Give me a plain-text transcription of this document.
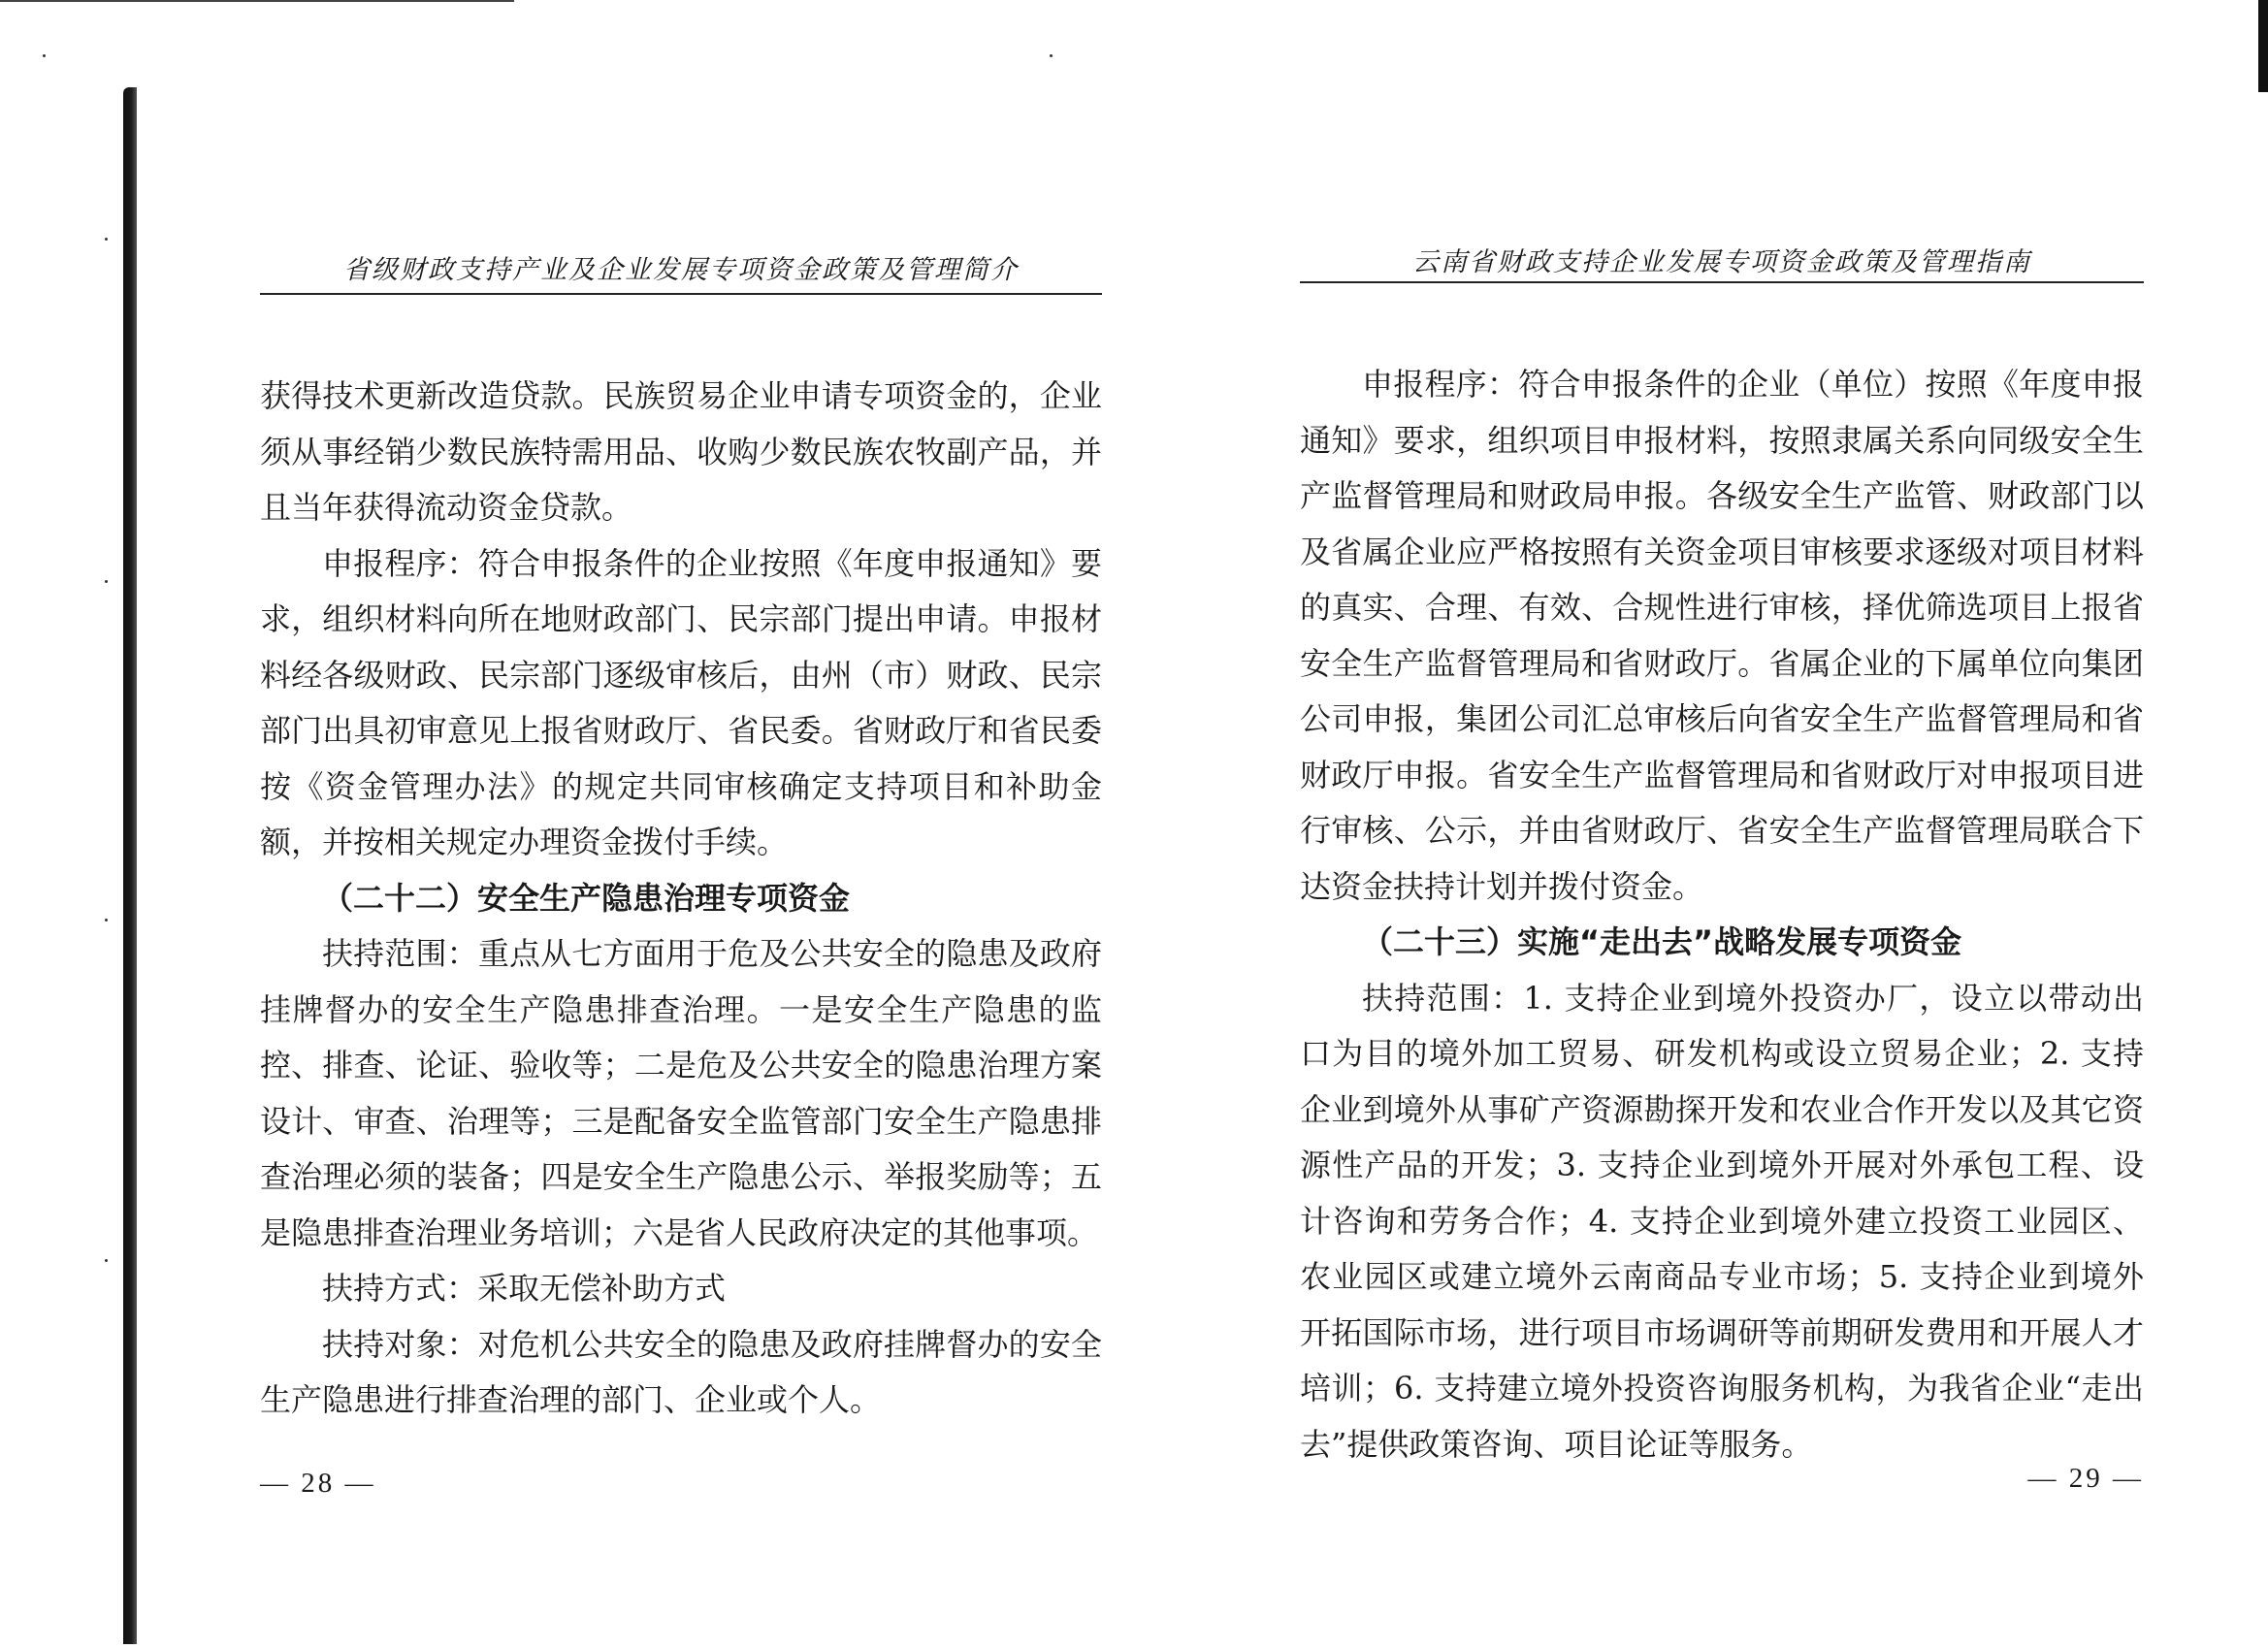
省级财政支持产业及企业发展专项资金政策及管理简介

获得技术更新改造贷款。民族贸易企业申请专项资金的，企业须从事经销少数民族特需用品、收购少数民族农牧副产品，并且当年获得流动资金贷款。

申报程序：符合申报条件的企业按照《年度申报通知》要求，组织材料向所在地财政部门、民宗部门提出申请。申报材料经各级财政、民宗部门逐级审核后，由州（市）财政、民宗部门出具初审意见上报省财政厅、省民委。省财政厅和省民委按《资金管理办法》的规定共同审核确定支持项目和补助金额，并按相关规定办理资金拨付手续。

（二十二）安全生产隐患治理专项资金

扶持范围：重点从七方面用于危及公共安全的隐患及政府挂牌督办的安全生产隐患排查治理。一是安全生产隐患的监控、排查、论证、验收等；二是危及公共安全的隐患治理方案设计、审查、治理等；三是配备安全监管部门安全生产隐患排查治理必须的装备；四是安全生产隐患公示、举报奖励等；五是隐患排查治理业务培训；六是省人民政府决定的其他事项。

扶持方式：采取无偿补助方式

扶持对象：对危机公共安全的隐患及政府挂牌督办的安全生产隐患进行排查治理的部门、企业或个人。

— 28 —
云南省财政支持企业发展专项资金政策及管理指南

申报程序：符合申报条件的企业（单位）按照《年度申报通知》要求，组织项目申报材料，按照隶属关系向同级安全生产监督管理局和财政局申报。各级安全生产监管、财政部门以及省属企业应严格按照有关资金项目审核要求逐级对项目材料的真实、合理、有效、合规性进行审核，择优筛选项目上报省安全生产监督管理局和省财政厅。省属企业的下属单位向集团公司申报，集团公司汇总审核后向省安全生产监督管理局和省财政厅申报。省安全生产监督管理局和省财政厅对申报项目进行审核、公示，并由省财政厅、省安全生产监督管理局联合下达资金扶持计划并拨付资金。

（二十三）实施“走出去”战略发展专项资金

扶持范围：1. 支持企业到境外投资办厂，设立以带动出口为目的境外加工贸易、研发机构或设立贸易企业；2. 支持企业到境外从事矿产资源勘探开发和农业合作开发以及其它资源性产品的开发；3. 支持企业到境外开展对外承包工程、设计咨询和劳务合作；4. 支持企业到境外建立投资工业园区、农业园区或建立境外云南商品专业市场；5. 支持企业到境外开拓国际市场，进行项目市场调研等前期研发费用和开展人才培训；6. 支持建立境外投资咨询服务机构，为我省企业“走出去”提供政策咨询、项目论证等服务。

— 29 —
